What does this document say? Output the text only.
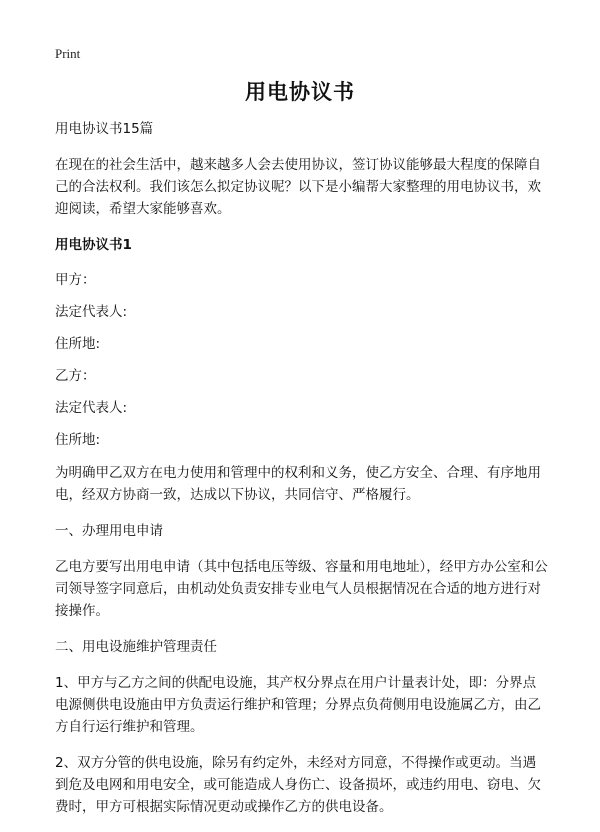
Print
用电协议书

用电协议书15篇

在现在的社会生活中，越来越多人会去使用协议，签订协议能够最大程度的保障自己的合法权利。我们该怎么拟定协议呢？以下是小编帮大家整理的用电协议书，欢迎阅读，希望大家能够喜欢。

用电协议书1

甲方：

法定代表人:

住所地:

乙方：

法定代表人:

住所地:

为明确甲乙双方在电力使用和管理中的权利和义务，使乙方安全、合理、有序地用电，经双方协商一致，达成以下协议，共同信守、严格履行。

一、办理用电申请

乙电方要写出用电申请（其中包括电压等级、容量和用电地址），经甲方办公室和公司领导签字同意后，由机动处负责安排专业电气人员根据情况在合适的地方进行对接操作。

二、用电设施维护管理责任

1、甲方与乙方之间的供配电设施，其产权分界点在用户计量表计处，即：分界点电源侧供电设施由甲方负责运行维护和管理；分界点负荷侧用电设施属乙方，由乙方自行运行维护和管理。

2、双方分管的供电设施，除另有约定外，未经对方同意，不得操作或更动。当遇到危及电网和用电安全，或可能造成人身伤亡、设备损坏，或违约用电、窃电、欠费时，甲方可根据实际情况更动或操作乙方的供电设备。
